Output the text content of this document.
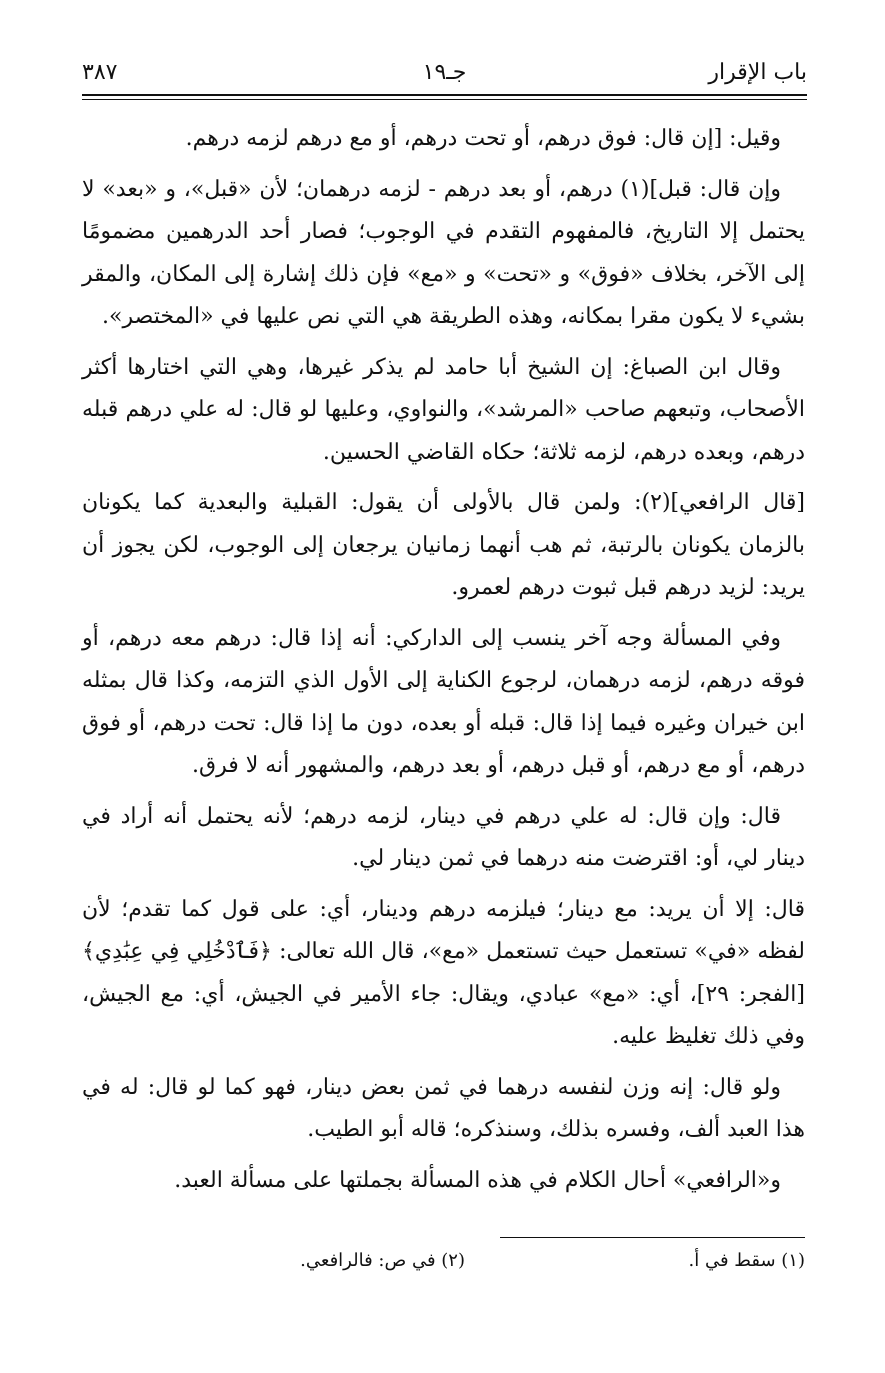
٣٨٧	جـ١٩	باب الإقرار

وقيل: [إن قال: فوق درهم، أو تحت درهم، أو مع درهم لزمه درهم.

وإن قال: قبل](١) درهم، أو بعد درهم - لزمه درهمان؛ لأن «قبل»، و «بعد» لا يحتمل إلا التاريخ، فالمفهوم التقدم في الوجوب؛ فصار أحد الدرهمين مضمومًا إلى الآخر، بخلاف «فوق» و «تحت» و «مع» فإن ذلك إشارة إلى المكان، والمقر بشيء لا يكون مقرا بمكانه، وهذه الطريقة هي التي نص عليها في «المختصر».

وقال ابن الصباغ: إن الشيخ أبا حامد لم يذكر غيرها، وهي التي اختارها أكثر الأصحاب، وتبعهم صاحب «المرشد»، والنواوي، وعليها لو قال: له علي درهم قبله درهم، وبعده درهم، لزمه ثلاثة؛ حكاه القاضي الحسين.

[قال الرافعي](٢): ولمن قال بالأولى أن يقول: القبلية والبعدية كما يكونان بالزمان يكونان بالرتبة، ثم هب أنهما زمانيان يرجعان إلى الوجوب، لكن يجوز أن يريد: لزيد درهم قبل ثبوت درهم لعمرو.

وفي المسألة وجه آخر ينسب إلى الداركي: أنه إذا قال: درهم معه درهم، أو فوقه درهم، لزمه درهمان، لرجوع الكناية إلى الأول الذي التزمه، وكذا قال بمثله ابن خيران وغيره فيما إذا قال: قبله أو بعده، دون ما إذا قال: تحت درهم، أو فوق درهم، أو مع درهم، أو قبل درهم، أو بعد درهم، والمشهور أنه لا فرق.

قال: وإن قال: له علي درهم في دينار، لزمه درهم؛ لأنه يحتمل أنه أراد في دينار لي، أو: اقترضت منه درهما في ثمن دينار لي.

قال: إلا أن يريد: مع دينار؛ فيلزمه درهم ودينار، أي: على قول كما تقدم؛ لأن لفظه «في» تستعمل حيث تستعمل «مع»، قال الله تعالى: ﴿فَٱدْخُلِي فِي عِبَٰدِي﴾ [الفجر: ٢٩]، أي: «مع» عبادي، ويقال: جاء الأمير في الجيش، أي: مع الجيش، وفي ذلك تغليظ عليه.

ولو قال: إنه وزن لنفسه درهما في ثمن بعض دينار، فهو كما لو قال: له في هذا العبد ألف، وفسره بذلك، وسنذكره؛ قاله أبو الطيب.

و«الرافعي» أحال الكلام في هذه المسألة بجملتها على مسألة العبد.

(١) سقط في أ.
(٢) في ص: فالرافعي.
